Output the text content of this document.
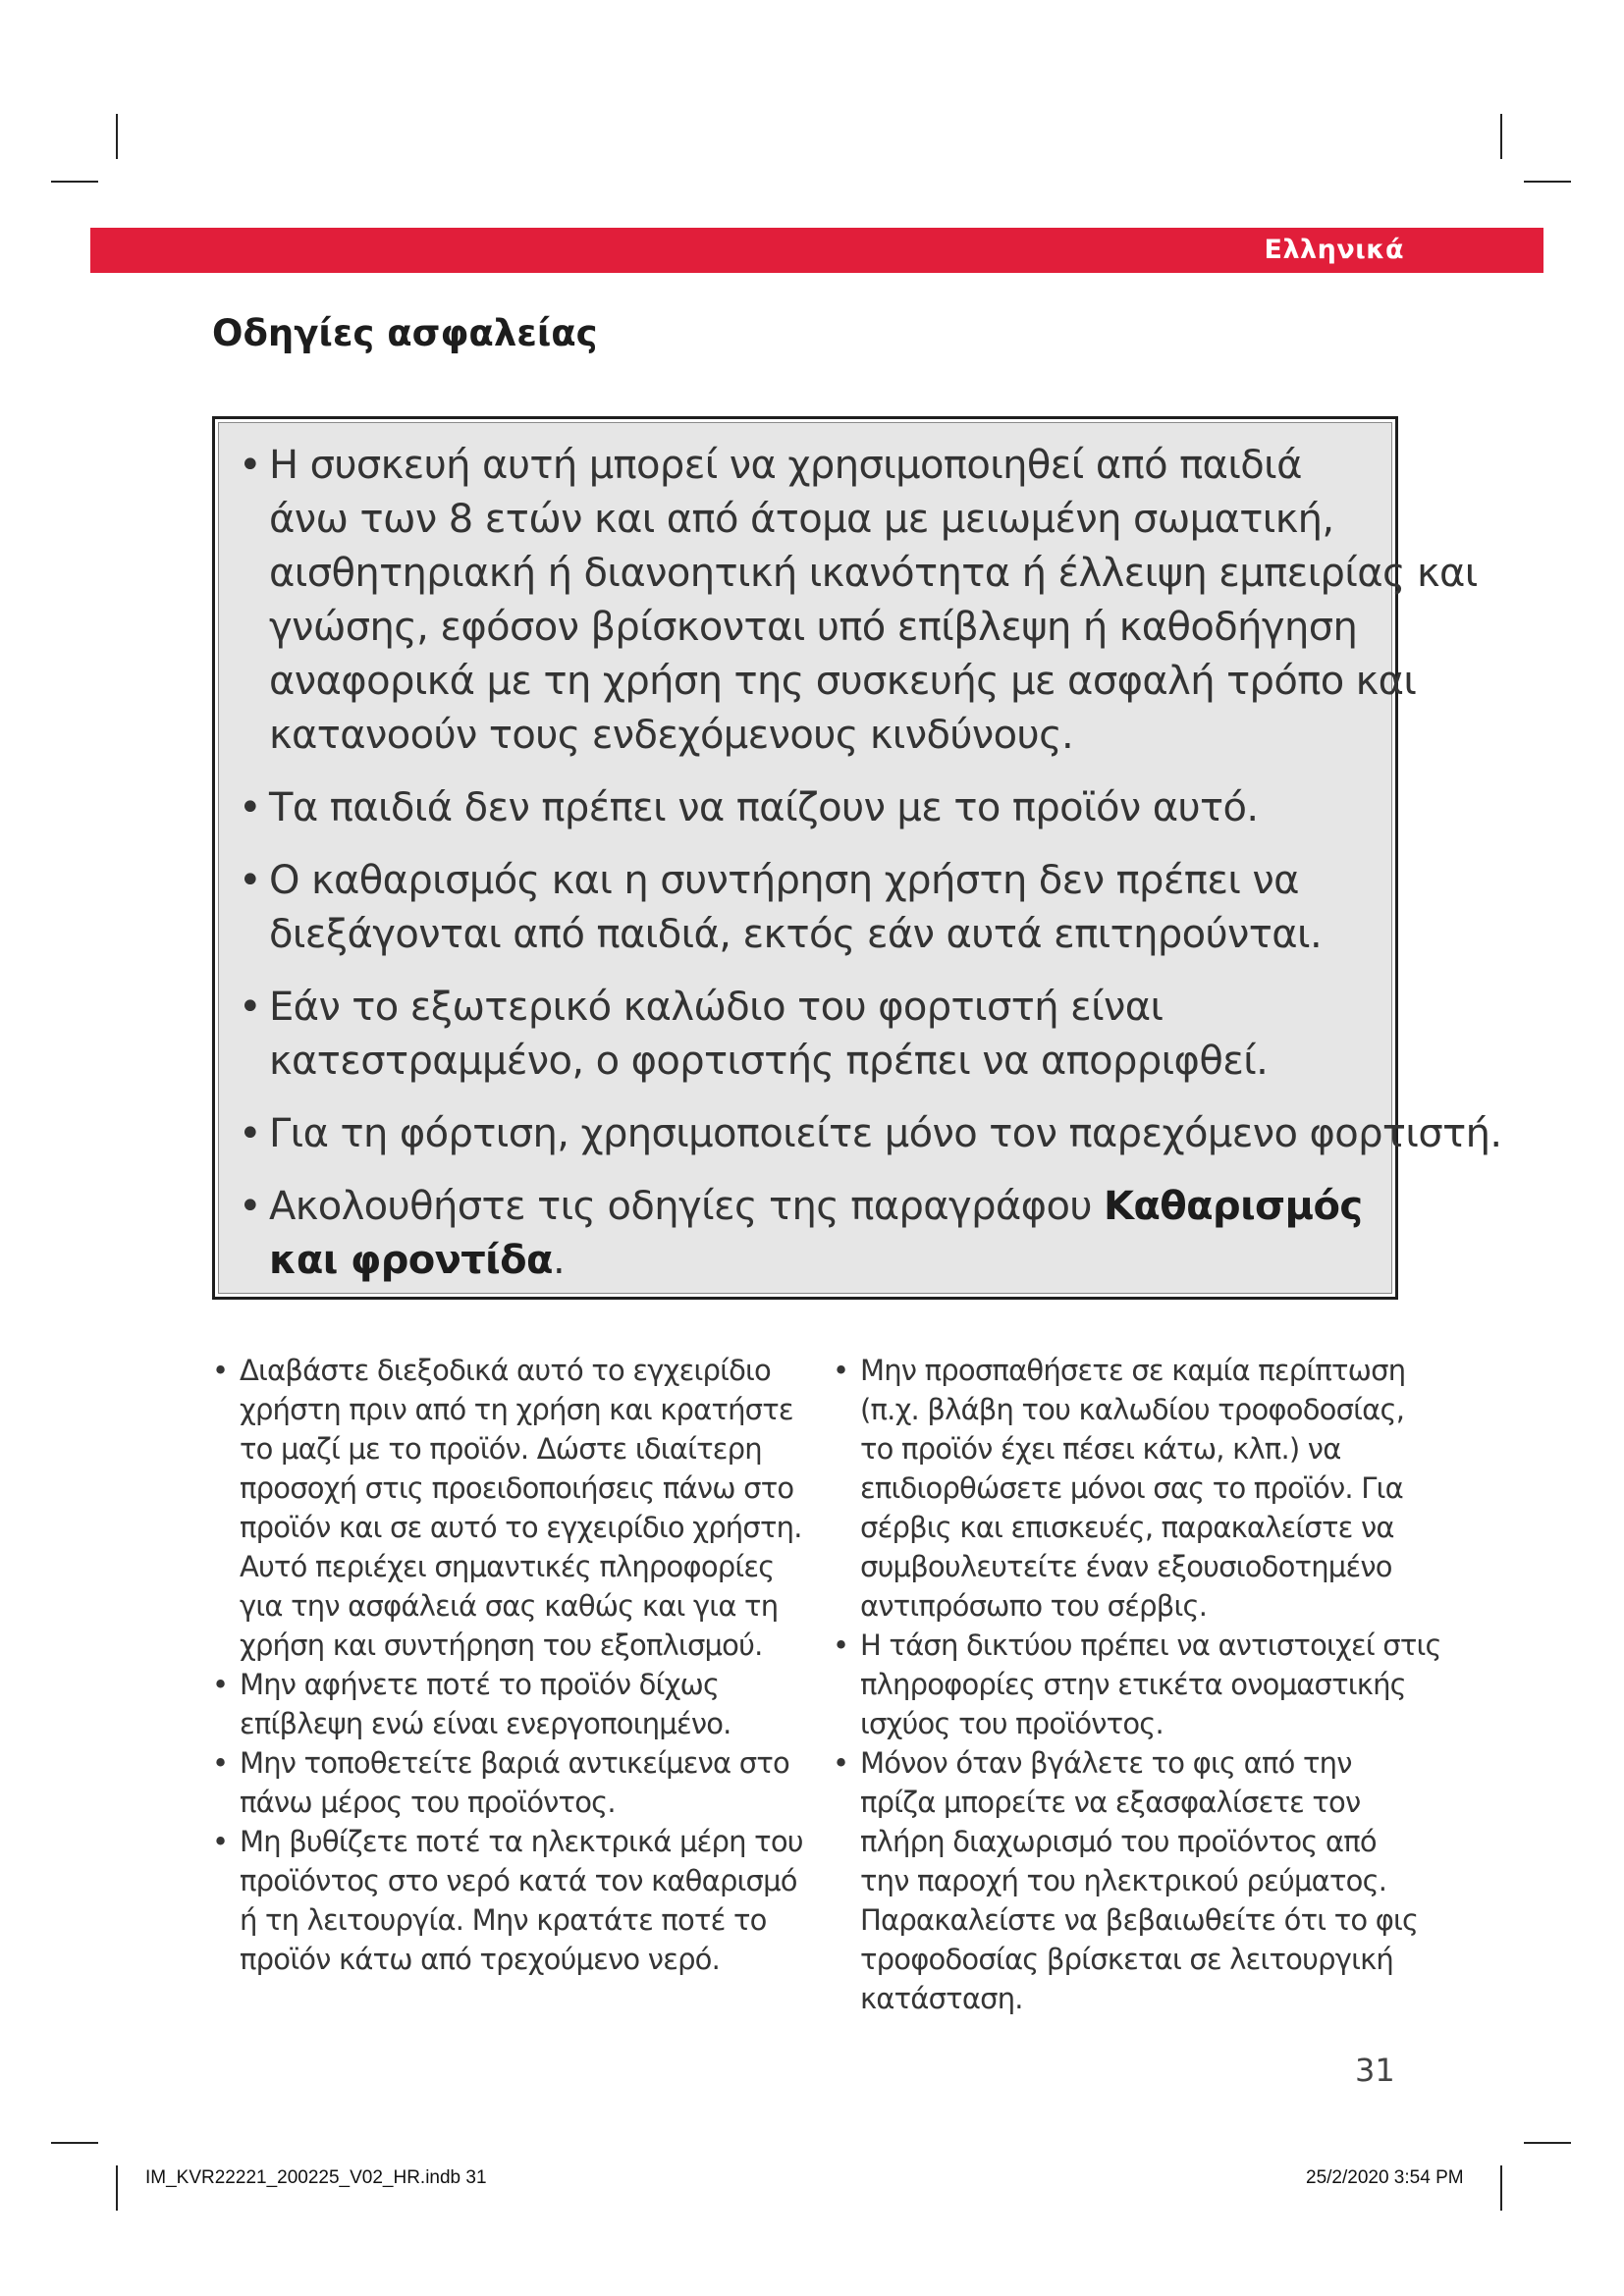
Ελληνικά
Οδηγίες ασφαλείας
• Η συσκευή αυτή μπορεί να χρησιμοποιηθεί από παιδιά
άνω των 8 ετών και από άτομα με μειωμένη σωματική,
αισθητηριακή ή διανοητική ικανότητα ή έλλειψη εμπειρίας και
γνώσης, εφόσον βρίσκονται υπό επίβλεψη ή καθοδήγηση
αναφορικά με τη χρήση της συσκευής με ασφαλή τρόπο και
κατανοούν τους ενδεχόμενους κινδύνους.
• Τα παιδιά δεν πρέπει να παίζουν με το προϊόν αυτό.
• Ο καθαρισμός και η συντήρηση χρήστη δεν πρέπει να
διεξάγονται από παιδιά, εκτός εάν αυτά επιτηρούνται.
• Εάν το εξωτερικό καλώδιο του φορτιστή είναι
κατεστραμμένο, ο φορτιστής πρέπει να απορριφθεί.
• Για τη φόρτιση, χρησιμοποιείτε μόνο τον παρεχόμενο φορτιστή.
• Ακολουθήστε τις οδηγίες της παραγράφου Καθαρισμός
και φροντίδα.
• Διαβάστε διεξοδικά αυτό το εγχειρίδιο
χρήστη πριν από τη χρήση και κρατήστε
το μαζί με το προϊόν. Δώστε ιδιαίτερη
προσοχή στις προειδοποιήσεις πάνω στο
προϊόν και σε αυτό το εγχειρίδιο χρήστη.
Αυτό περιέχει σημαντικές πληροφορίες
για την ασφάλειά σας καθώς και για τη
χρήση και συντήρηση του εξοπλισμού.
• Μην αφήνετε ποτέ το προϊόν δίχως
επίβλεψη ενώ είναι ενεργοποιημένο.
• Μην τοποθετείτε βαριά αντικείμενα στο
πάνω μέρος του προϊόντος.
• Μη βυθίζετε ποτέ τα ηλεκτρικά μέρη του
προϊόντος στο νερό κατά τον καθαρισμό
ή τη λειτουργία. Μην κρατάτε ποτέ το
προϊόν κάτω από τρεχούμενο νερό.
• Μην προσπαθήσετε σε καμία περίπτωση
(π.χ. βλάβη του καλωδίου τροφοδοσίας,
το προϊόν έχει πέσει κάτω, κλπ.) να
επιδιορθώσετε μόνοι σας το προϊόν. Για
σέρβις και επισκευές, παρακαλείστε να
συμβουλευτείτε έναν εξουσιοδοτημένο
αντιπρόσωπο του σέρβις.
• Η τάση δικτύου πρέπει να αντιστοιχεί στις
πληροφορίες στην ετικέτα ονομαστικής
ισχύος του προϊόντος.
• Μόνον όταν βγάλετε το φις από την
πρίζα μπορείτε να εξασφαλίσετε τον
πλήρη διαχωρισμό του προϊόντος από
την παροχή του ηλεκτρικού ρεύματος.
Παρακαλείστε να βεβαιωθείτε ότι το φις
τροφοδοσίας βρίσκεται σε λειτουργική
κατάσταση.
31
IM_KVR22221_200225_V02_HR.indb 31	25/2/2020 3:54 PM
